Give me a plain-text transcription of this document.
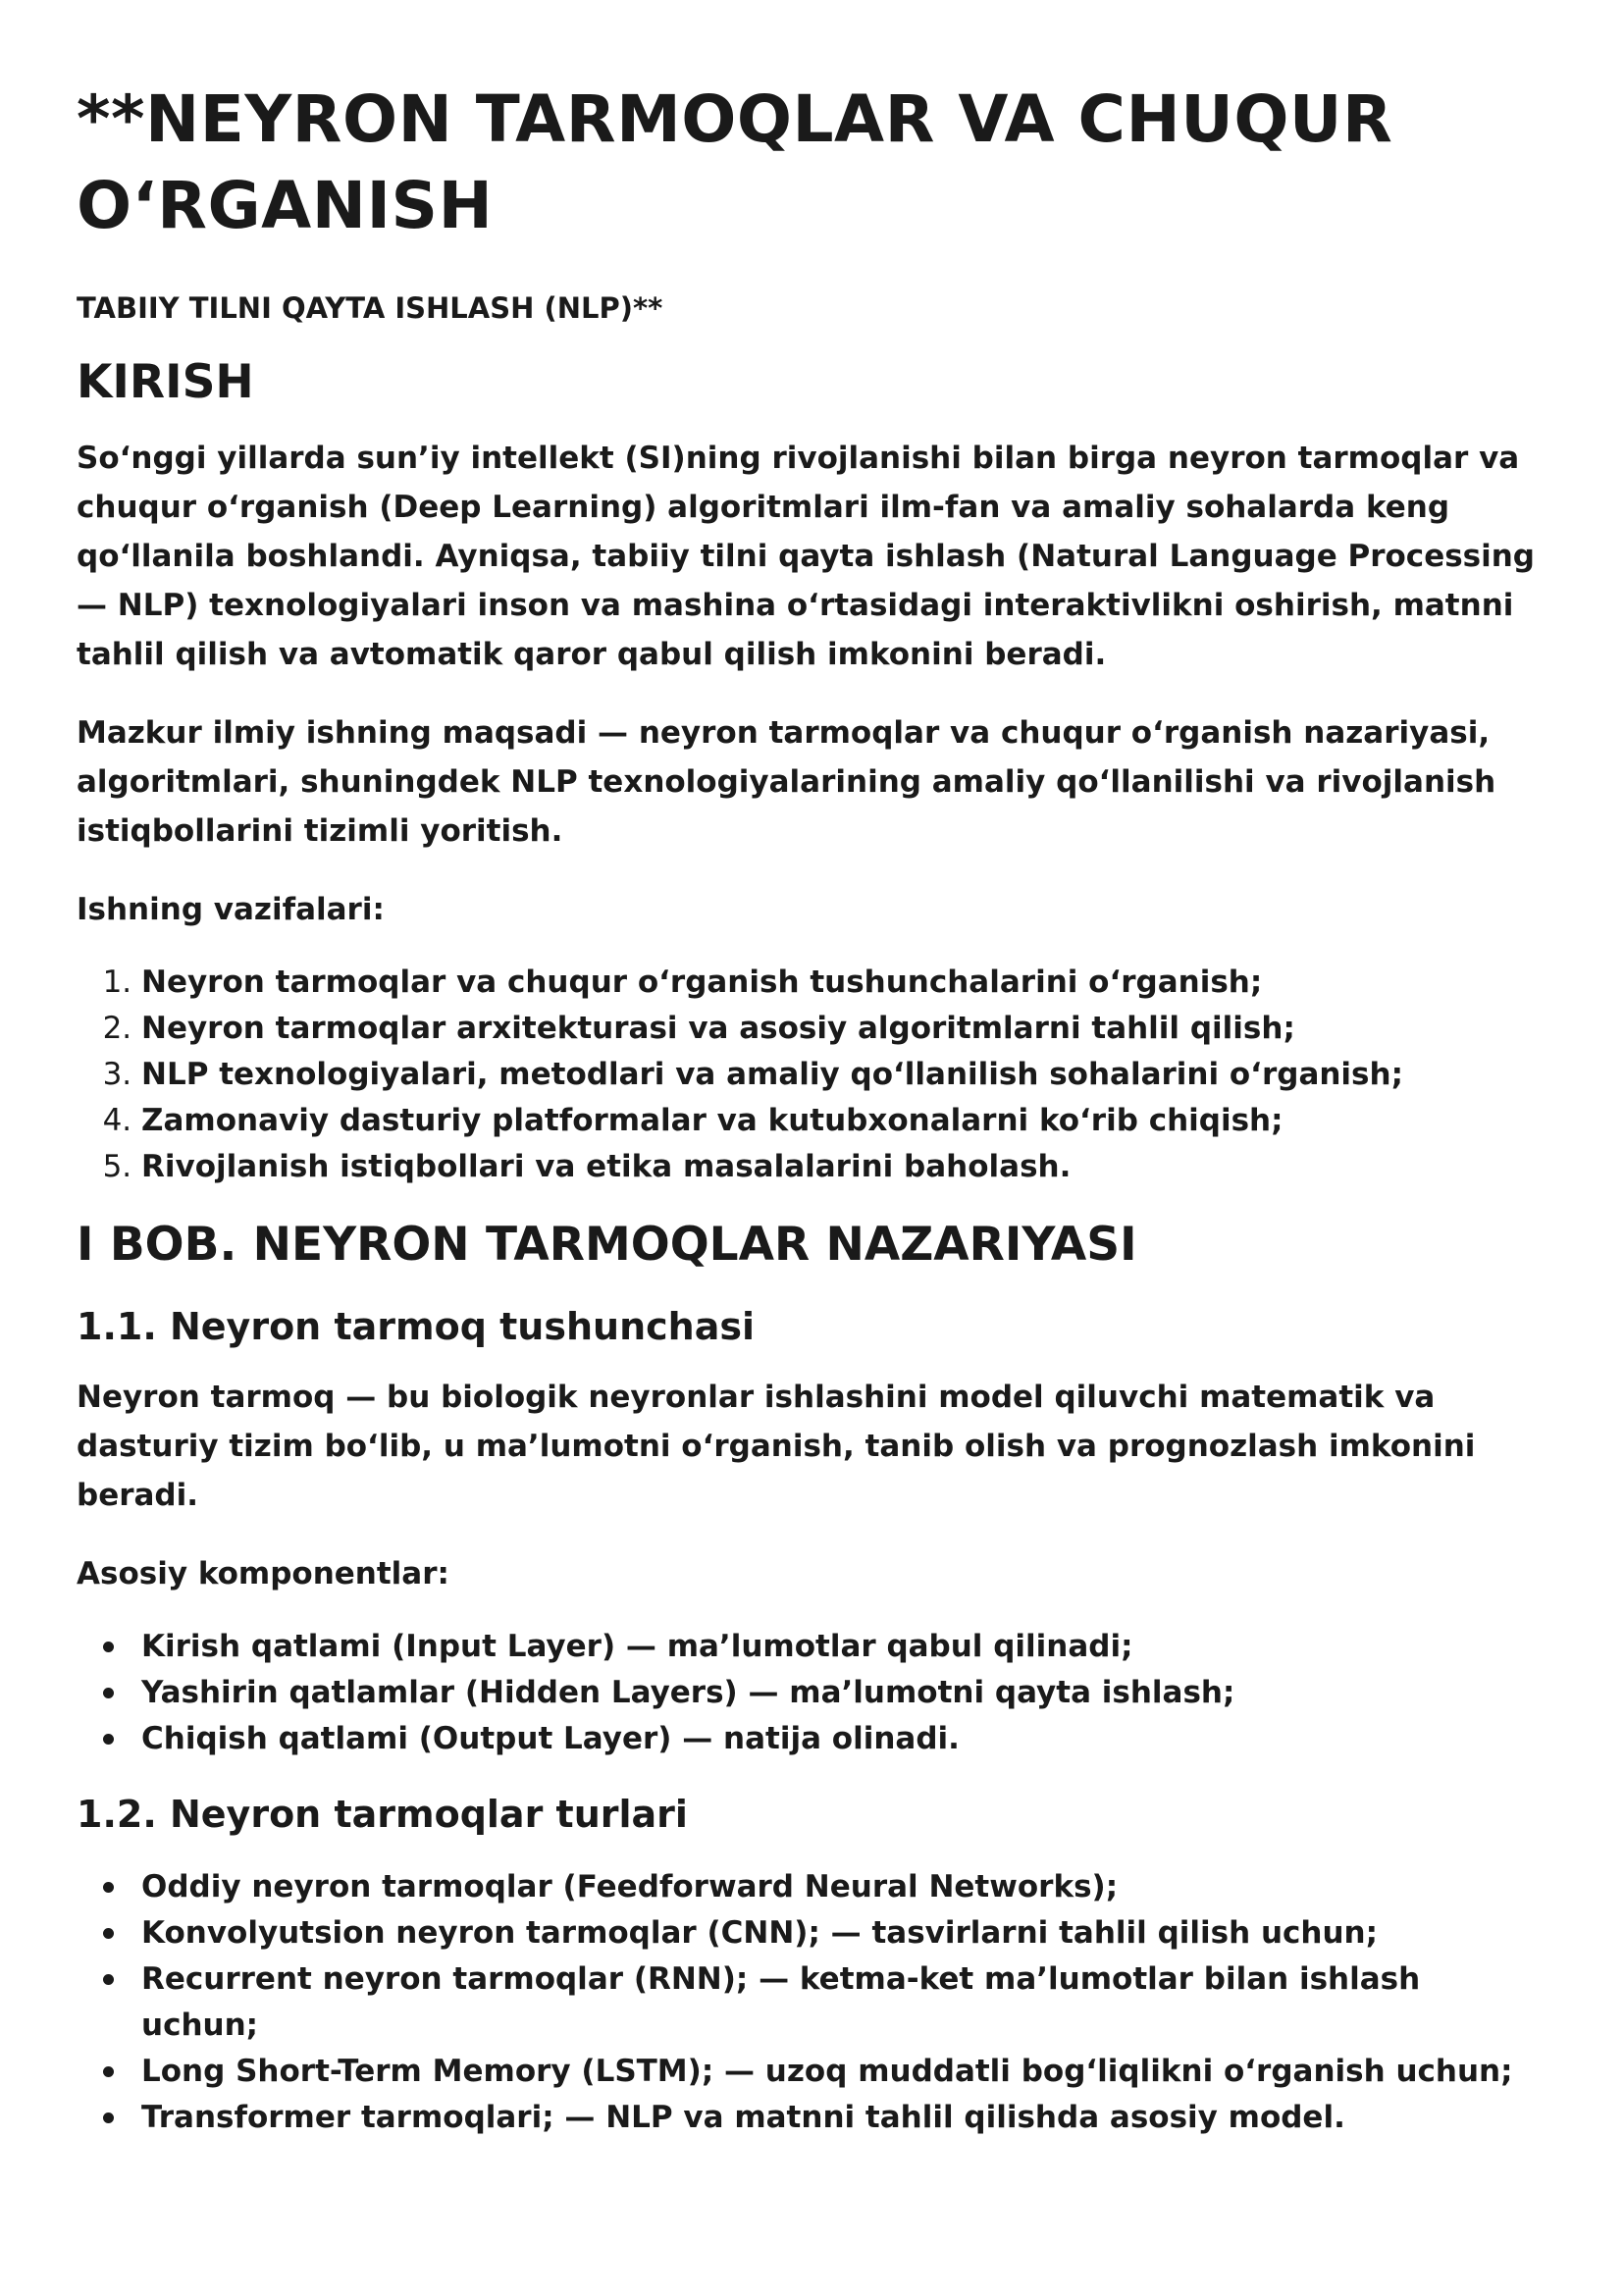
**NEYRON TARMOQLAR VA CHUQUR O‘RGANISH
TABIIY TILNI QAYTA ISHLASH (NLP)**
KIRISH

So‘nggi yillarda sun’iy intellekt (SI)ning rivojlanishi bilan birga neyron tarmoqlar va chuqur o‘rganish (Deep Learning) algoritmlari ilm-fan va amaliy sohalarda keng qo‘llanila boshlandi. Ayniqsa, tabiiy tilni qayta ishlash (Natural Language Processing — NLP) texnologiyalari inson va mashina o‘rtasidagi interaktivlikni oshirish, matnni tahlil qilish va avtomatik qaror qabul qilish imkonini beradi.

Mazkur ilmiy ishning maqsadi — neyron tarmoqlar va chuqur o‘rganish nazariyasi, algoritmlari, shuningdek NLP texnologiyalarining amaliy qo‘llanilishi va rivojlanish istiqbollarini tizimli yoritish.

Ishning vazifalari:

1. Neyron tarmoqlar va chuqur o‘rganish tushunchalarini o‘rganish;
2. Neyron tarmoqlar arxitekturasi va asosiy algoritmlarni tahlil qilish;
3. NLP texnologiyalari, metodlari va amaliy qo‘llanilish sohalarini o‘rganish;
4. Zamonaviy dasturiy platformalar va kutubxonalarni ko‘rib chiqish;
5. Rivojlanish istiqbollari va etika masalalarini baholash.
I BOB. NEYRON TARMOQLAR NAZARIYASI
1.1. Neyron tarmoq tushunchasi

Neyron tarmoq — bu biologik neyronlar ishlashini model qiluvchi matematik va dasturiy tizim bo‘lib, u ma’lumotni o‘rganish, tanib olish va prognozlash imkonini beradi.

Asosiy komponentlar:

Kirish qatlami (Input Layer) — ma’lumotlar qabul qilinadi;
Yashirin qatlamlar (Hidden Layers) — ma’lumotni qayta ishlash;
Chiqish qatlami (Output Layer) — natija olinadi.
1.2. Neyron tarmoqlar turlari
Oddiy neyron tarmoqlar (Feedforward Neural Networks);
Konvolyutsion neyron tarmoqlar (CNN); — tasvirlarni tahlil qilish uchun;
Recurrent neyron tarmoqlar (RNN); — ketma-ket ma’lumotlar bilan ishlash uchun;
Long Short-Term Memory (LSTM); — uzoq muddatli bog‘liqlikni o‘rganish uchun;
Transformer tarmoqlari; — NLP va matnni tahlil qilishda asosiy model.
